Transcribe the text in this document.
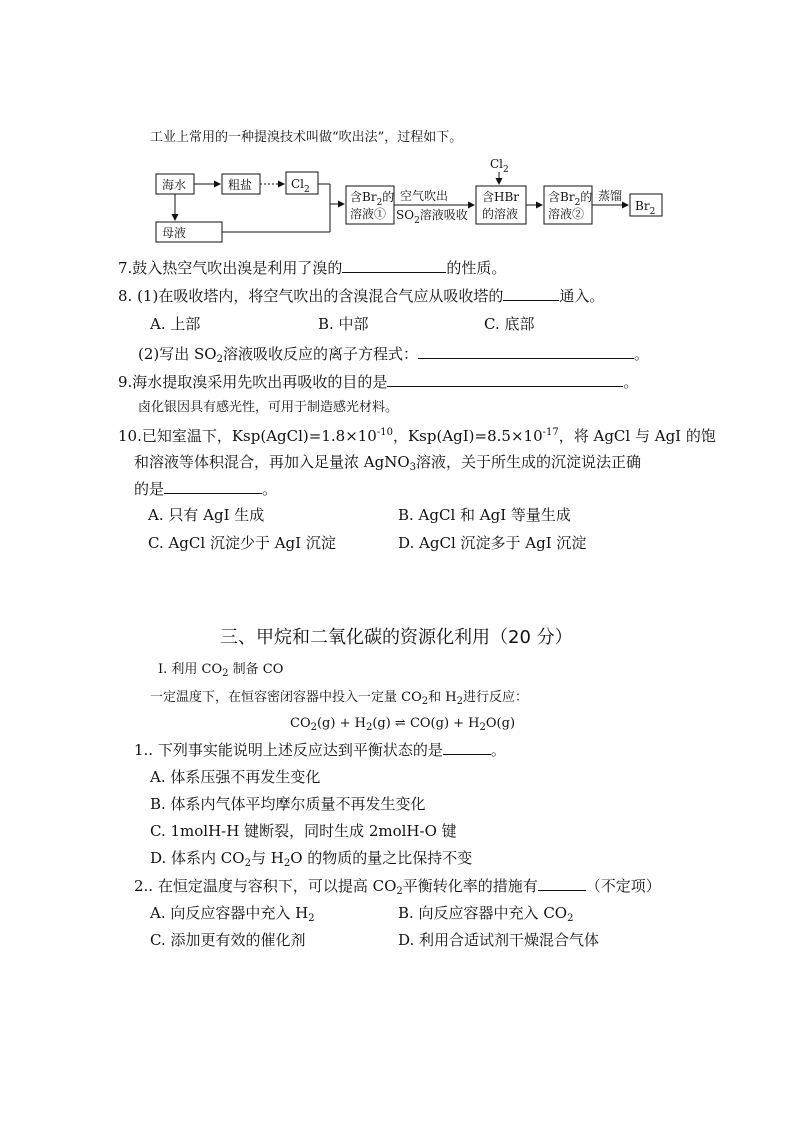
工业上常用的一种提溴技术叫做“吹出法”，过程如下。
海水	粗盐	$Cl_2$
母液
含$Br_2$的
溶液①
空气吹出
$SO_2$溶液吸收
$Cl_2$
含HBr
的溶液
含$Br_2$的
溶液②
蒸馏
$Br_2$
7.鼓入热空气吹出溴是利用了溴的	的性质。
8. (1)在吸收塔内，将空气吹出的含溴混合气应从吸收塔的	通入。
A. 上部	B. 中部	C. 底部
(2)写出 $SO_2$溶液吸收反应的离子方程式：	。
9.海水提取溴采用先吹出再吸收的目的是	。
卤化银因具有感光性，可用于制造感光材料。
10.已知室温下，$Ksp(AgCl)=1.8\times 10^{-10}$，$Ksp(AgI)=8.5\times 10^{-17}$，将 AgCl 与 AgI 的饱
和溶液等体积混合，再加入足量浓 AgNO$_3$溶液，关于所生成的沉淀说法正确
的是	。
A. 只有 AgI 生成	B. AgCl 和 AgI 等量生成
C. AgCl 沉淀少于 AgI 沉淀	D. AgCl 沉淀多于 AgI 沉淀
三、甲烷和二氧化碳的资源化利用（20 分）
Ⅰ. 利用 $CO_2$ 制备 CO
一定温度下，在恒容密闭容器中投入一定量 $CO_2$和 $H_2$进行反应：
$CO_2(g) + H_2(g)$ ⇌ $CO(g) + H_2O(g)$
1.. 下列事实能说明上述反应达到平衡状态的是	。
A. 体系压强不再发生变化
B. 体系内气体平均摩尔质量不再发生变化
C. 1molH-H 键断裂，同时生成 2molH-O 键
D. 体系内 $CO_2$与 $H_2O$ 的物质的量之比保持不变
2.. 在恒定温度与容积下，可以提高 $CO_2$平衡转化率的措施有	（不定项）
A. 向反应容器中充入 $H_2$	B. 向反应容器中充入 $CO_2$
C. 添加更有效的催化剂	D. 利用合适试剂干燥混合气体
